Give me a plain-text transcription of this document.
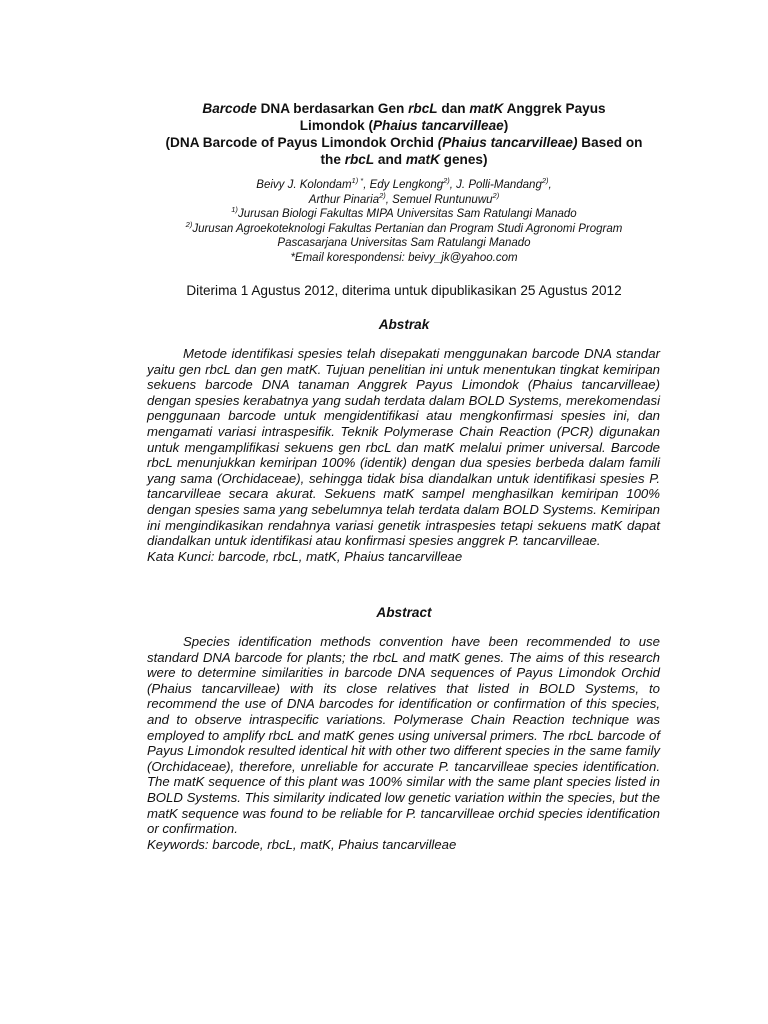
Barcode DNA berdasarkan Gen rbcL dan matK Anggrek Payus
Limondok (Phaius tancarvilleae)
(DNA Barcode of Payus Limondok Orchid (Phaius tancarvilleae) Based on
the rbcL and matK genes)
Beivy J. Kolondam$^{1) *}$, Edy Lengkong$^{2)}$, J. Polli-Mandang$^{2)}$,
Arthur Pinaria$^{2)}$, Semuel Runtunuwu$^{2)}$
$^{1)}$Jurusan Biologi Fakultas MIPA Universitas Sam Ratulangi Manado
$^{2)}$Jurusan Agroekoteknologi Fakultas Pertanian dan Program Studi Agronomi Program
Pascasarjana Universitas Sam Ratulangi Manado
*Email korespondensi: beivy_jk@yahoo.com
Diterima 1 Agustus 2012, diterima untuk dipublikasikan 25 Agustus 2012
Abstrak

Metode identifikasi spesies telah disepakati menggunakan barcode DNA standar yaitu gen rbcL dan gen matK. Tujuan penelitian ini untuk menentukan tingkat kemiripan sekuens barcode DNA tanaman Anggrek Payus Limondok (Phaius tancarvilleae) dengan spesies kerabatnya yang sudah terdata dalam BOLD Systems, merekomendasi penggunaan barcode untuk mengidentifikasi atau mengkonfirmasi spesies ini, dan mengamati variasi intraspesifik. Teknik Polymerase Chain Reaction (PCR) digunakan untuk mengamplifikasi sekuens gen rbcL dan matK melalui primer universal. Barcode rbcL menunjukkan kemiripan 100% (identik) dengan dua spesies berbeda dalam famili yang sama (Orchidaceae), sehingga tidak bisa diandalkan untuk identifikasi spesies P. tancarvilleae secara akurat. Sekuens matK sampel menghasilkan kemiripan 100% dengan spesies sama yang sebelumnya telah terdata dalam BOLD Systems. Kemiripan ini mengindikasikan rendahnya variasi genetik intraspesies tetapi sekuens matK dapat diandalkan untuk identifikasi atau konfirmasi spesies anggrek P. tancarvilleae.

Kata Kunci: barcode, rbcL, matK, Phaius tancarvilleae

Abstract

Species identification methods convention have been recommended to use standard DNA barcode for plants; the rbcL and matK genes. The aims of this research were to determine similarities in barcode DNA sequences of Payus Limondok Orchid (Phaius tancarvilleae) with its close relatives that listed in BOLD Systems, to recommend the use of DNA barcodes for identification or confirmation of this species, and to observe intraspecific variations. Polymerase Chain Reaction technique was employed to amplify rbcL and matK genes using universal primers. The rbcL barcode of Payus Limondok resulted identical hit with other two different species in the same family (Orchidaceae), therefore, unreliable for accurate P. tancarvilleae species identification. The matK sequence of this plant was 100% similar with the same plant species listed in BOLD Systems. This similarity indicated low genetic variation within the species, but the matK sequence was found to be reliable for P. tancarvilleae orchid species identification or confirmation.

Keywords: barcode, rbcL, matK, Phaius tancarvilleae
